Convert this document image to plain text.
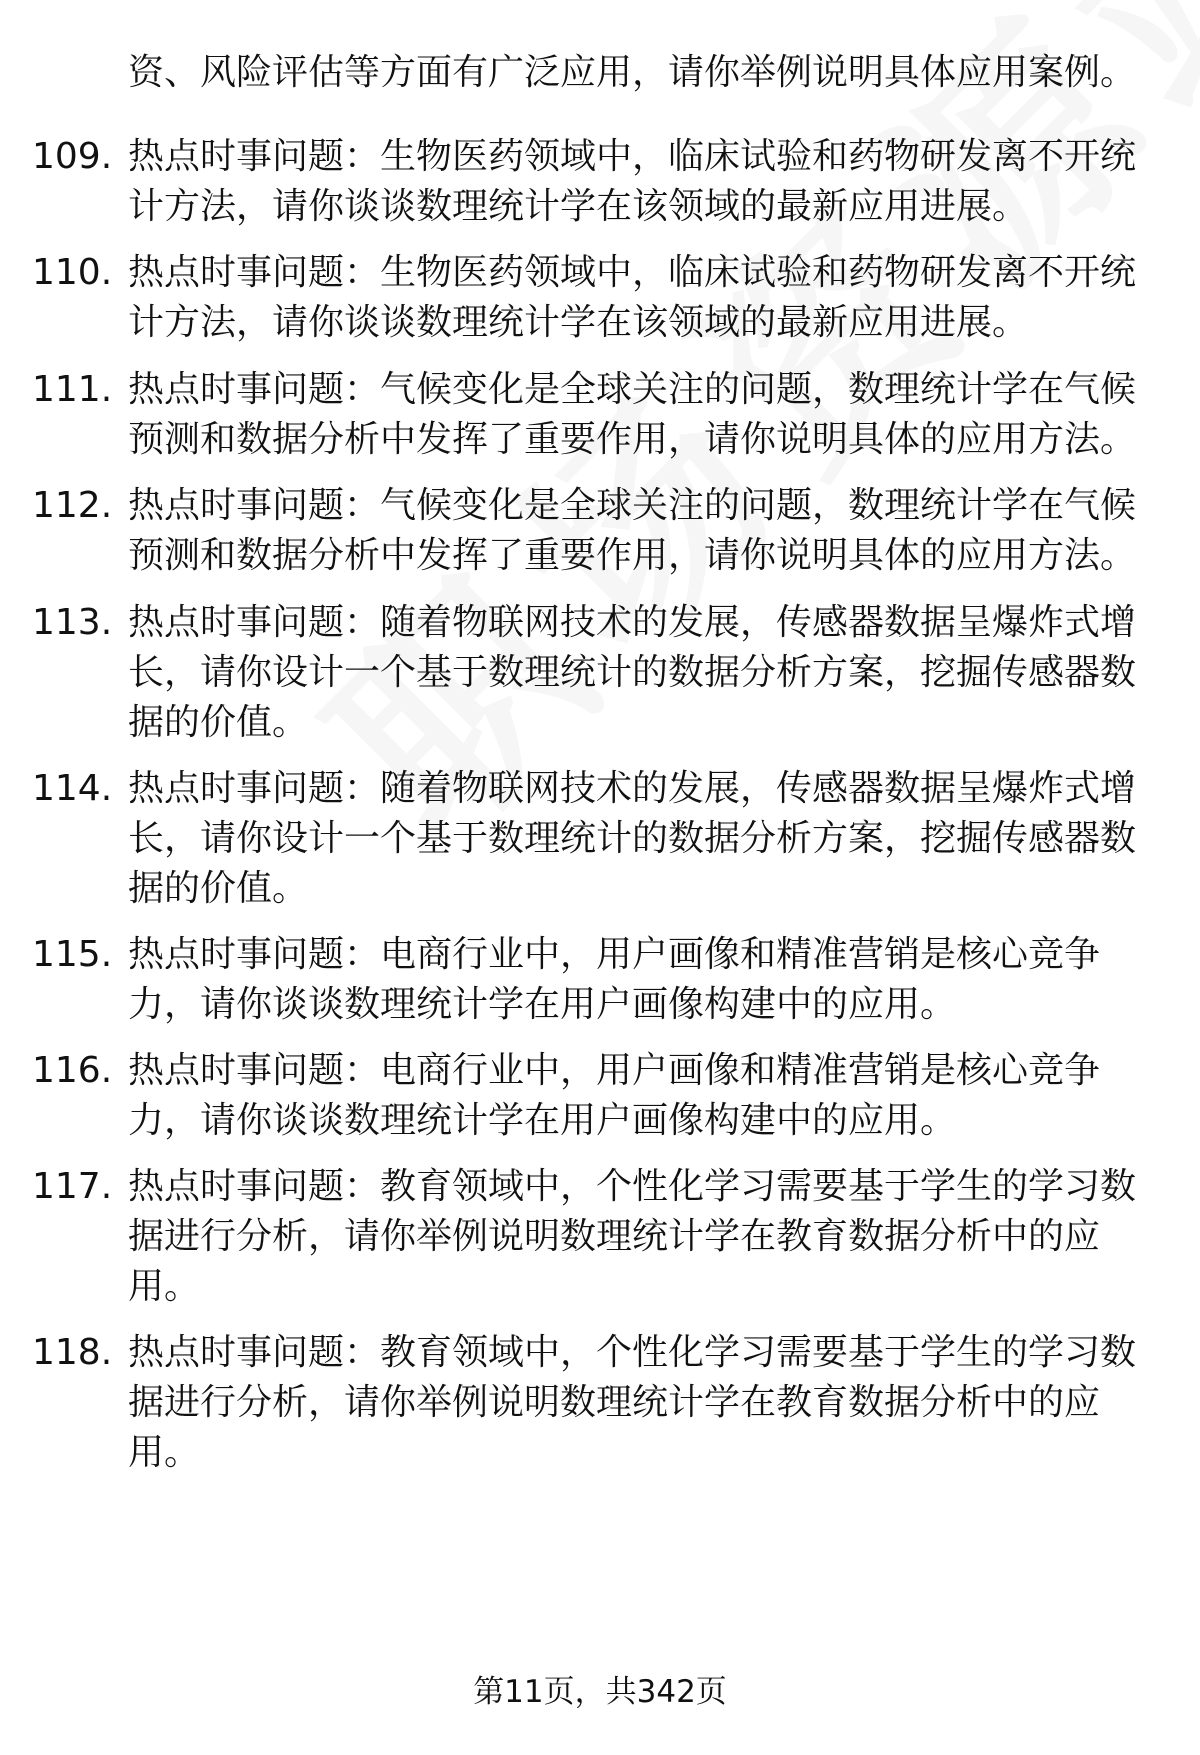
资、风险评估等方面有广泛应用，请你举例说明具体应用案例。
109. 热点时事问题：生物医药领域中，临床试验和药物研发离不开统计方法，请你谈谈数理统计学在该领域的最新应用进展。
110. 热点时事问题：生物医药领域中，临床试验和药物研发离不开统计方法，请你谈谈数理统计学在该领域的最新应用进展。
111. 热点时事问题：气候变化是全球关注的问题，数理统计学在气候预测和数据分析中发挥了重要作用，请你说明具体的应用方法。
112. 热点时事问题：气候变化是全球关注的问题，数理统计学在气候预测和数据分析中发挥了重要作用，请你说明具体的应用方法。
113. 热点时事问题：随着物联网技术的发展，传感器数据呈爆炸式增长，请你设计一个基于数理统计的数据分析方案，挖掘传感器数据的价值。
114. 热点时事问题：随着物联网技术的发展，传感器数据呈爆炸式增长，请你设计一个基于数理统计的数据分析方案，挖掘传感器数据的价值。
115. 热点时事问题：电商行业中，用户画像和精准营销是核心竞争力，请你谈谈数理统计学在用户画像构建中的应用。
116. 热点时事问题：电商行业中，用户画像和精准营销是核心竞争力，请你谈谈数理统计学在用户画像构建中的应用。
117. 热点时事问题：教育领域中，个性化学习需要基于学生的学习数据进行分析，请你举例说明数理统计学在教育数据分析中的应用。
118. 热点时事问题：教育领域中，个性化学习需要基于学生的学习数据进行分析，请你举例说明数理统计学在教育数据分析中的应用。
第11页，共342页
